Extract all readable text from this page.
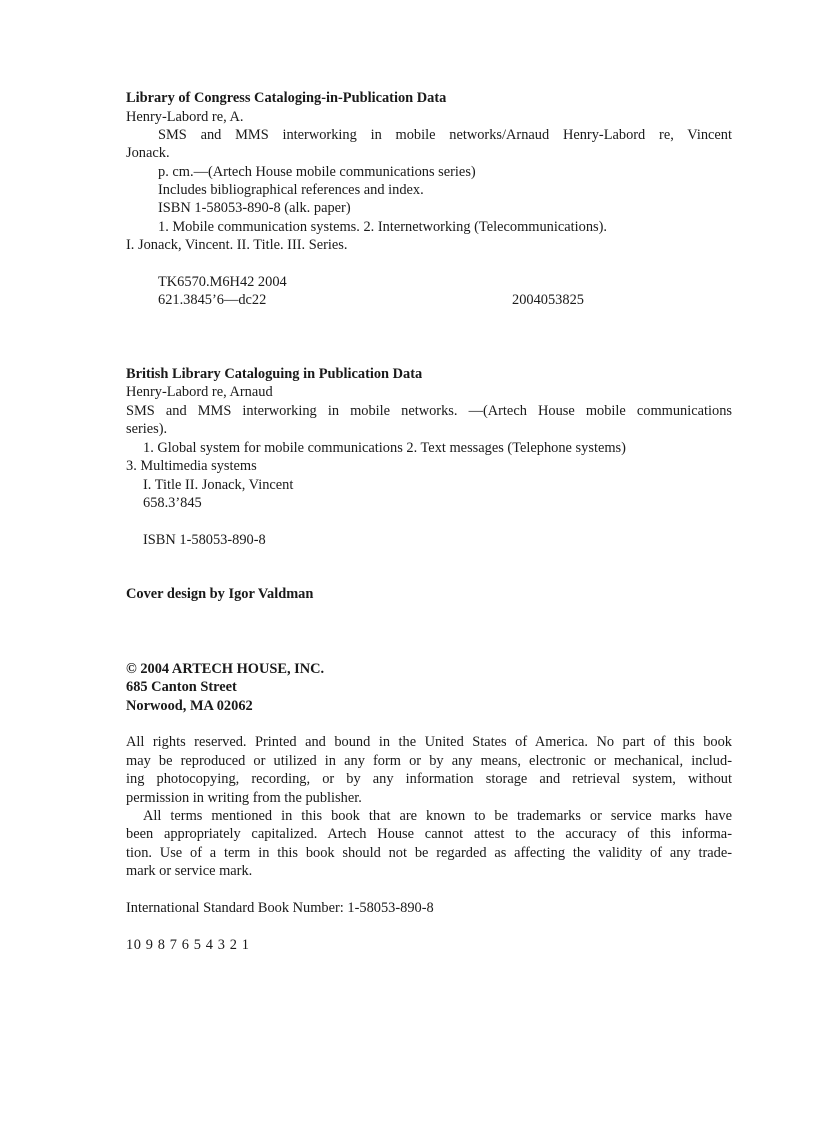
Library of Congress Cataloging-in-Publication Data
Henry-Labord re, A.
SMS and MMS interworking in mobile networks/Arnaud Henry-Labord re, Vincent
Jonack.
p. cm.—(Artech House mobile communications series)
Includes bibliographical references and index.
ISBN 1-58053-890-8 (alk. paper)
1. Mobile communication systems. 2. Internetworking (Telecommunications).
I. Jonack, Vincent. II. Title. III. Series.
TK6570.M6H42 2004
621.3845’6—dc22	2004053825
British Library Cataloguing in Publication Data
Henry-Labord re, Arnaud
SMS and MMS interworking in mobile networks. —(Artech House mobile communications
series).
1. Global system for mobile communications 2. Text messages (Telephone systems)
3. Multimedia systems
I. Title II. Jonack, Vincent
658.3’845
ISBN 1-58053-890-8
Cover design by Igor Valdman
© 2004 ARTECH HOUSE, INC.
685 Canton Street
Norwood, MA 02062
All rights reserved. Printed and bound in the United States of America. No part of this book
may be reproduced or utilized in any form or by any means, electronic or mechanical, includ-
ing photocopying, recording, or by any information storage and retrieval system, without
permission in writing from the publisher.
All terms mentioned in this book that are known to be trademarks or service marks have
been appropriately capitalized. Artech House cannot attest to the accuracy of this informa-
tion. Use of a term in this book should not be regarded as affecting the validity of any trade-
mark or service mark.
International Standard Book Number: 1-58053-890-8
10 9 8 7 6 5 4 3 2 1
